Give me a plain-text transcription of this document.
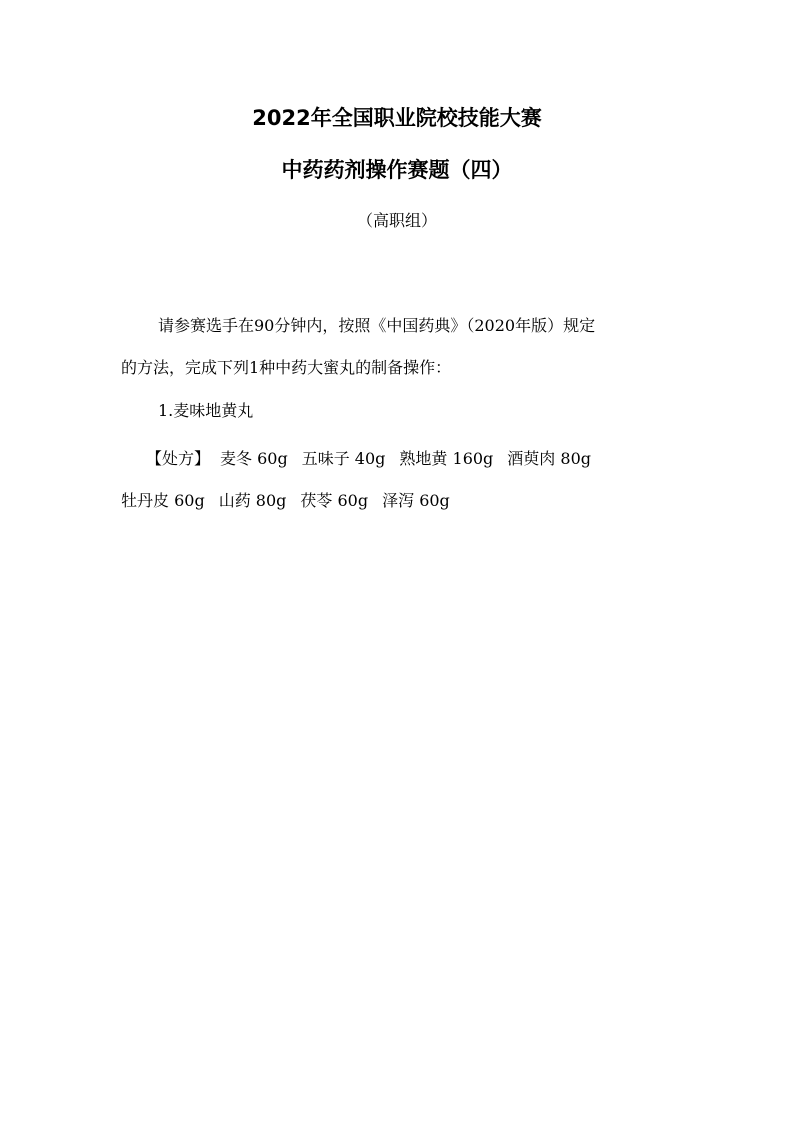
2022年全国职业院校技能大赛
中药药剂操作赛题（四）
（高职组）
请参赛选手在90分钟内，按照《中国药典》（2020年版）规定
的方法，完成下列1种中药大蜜丸的制备操作：
1.麦味地黄丸
【处方】 麦冬 60g 五味子 40g 熟地黄 160g 酒萸肉 80g
牡丹皮 60g 山药 80g 茯苓 60g 泽泻 60g
